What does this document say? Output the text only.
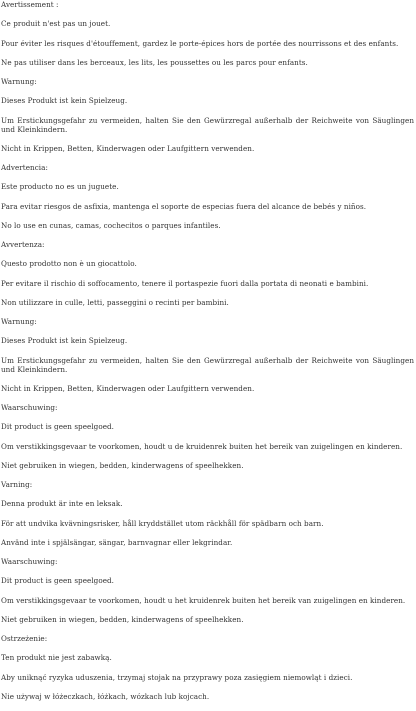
Avertissement :
Ce produit n'est pas un jouet.
Pour éviter les risques d'étouffement, gardez le porte-épices hors de portée des nourrissons et des enfants.
Ne pas utiliser dans les berceaux, les lits, les poussettes ou les parcs pour enfants.
Warnung:
Dieses Produkt ist kein Spielzeug.
Um Erstickungsgefahr zu vermeiden, halten Sie den Gewürzregal außerhalb der Reichweite von Säuglingen und Kleinkindern.
Nicht in Krippen, Betten, Kinderwagen oder Laufgittern verwenden.
Advertencia:
Este producto no es un juguete.
Para evitar riesgos de asfixia, mantenga el soporte de especias fuera del alcance de bebés y niños.
No lo use en cunas, camas, cochecitos o parques infantiles.
Avvertenza:
Questo prodotto non è un giocattolo.
Per evitare il rischio di soffocamento, tenere il portaspezie fuori dalla portata di neonati e bambini.
Non utilizzare in culle, letti, passeggini o recinti per bambini.
Warnung:
Dieses Produkt ist kein Spielzeug.
Um Erstickungsgefahr zu vermeiden, halten Sie den Gewürzregal außerhalb der Reichweite von Säuglingen und Kleinkindern.
Nicht in Krippen, Betten, Kinderwagen oder Laufgittern verwenden.
Waarschuwing:
Dit product is geen speelgoed.
Om verstikkingsgevaar te voorkomen, houdt u de kruidenrek buiten het bereik van zuigelingen en kinderen.
Niet gebruiken in wiegen, bedden, kinderwagens of speelhekken.
Varning:
Denna produkt är inte en leksak.
För att undvika kvävningsrisker, håll kryddstället utom räckhåll för spädbarn och barn.
Använd inte i spjälsängar, sängar, barnvagnar eller lekgrindar.
Waarschuwing:
Dit product is geen speelgoed.
Om verstikkingsgevaar te voorkomen, houdt u het kruidenrek buiten het bereik van zuigelingen en kinderen.
Niet gebruiken in wiegen, bedden, kinderwagens of speelhekken.
Ostrzeżenie:
Ten produkt nie jest zabawką.
Aby uniknąć ryzyka uduszenia, trzymaj stojak na przyprawy poza zasięgiem niemowląt i dzieci.
Nie używaj w łóżeczkach, łóżkach, wózkach lub kojcach.
